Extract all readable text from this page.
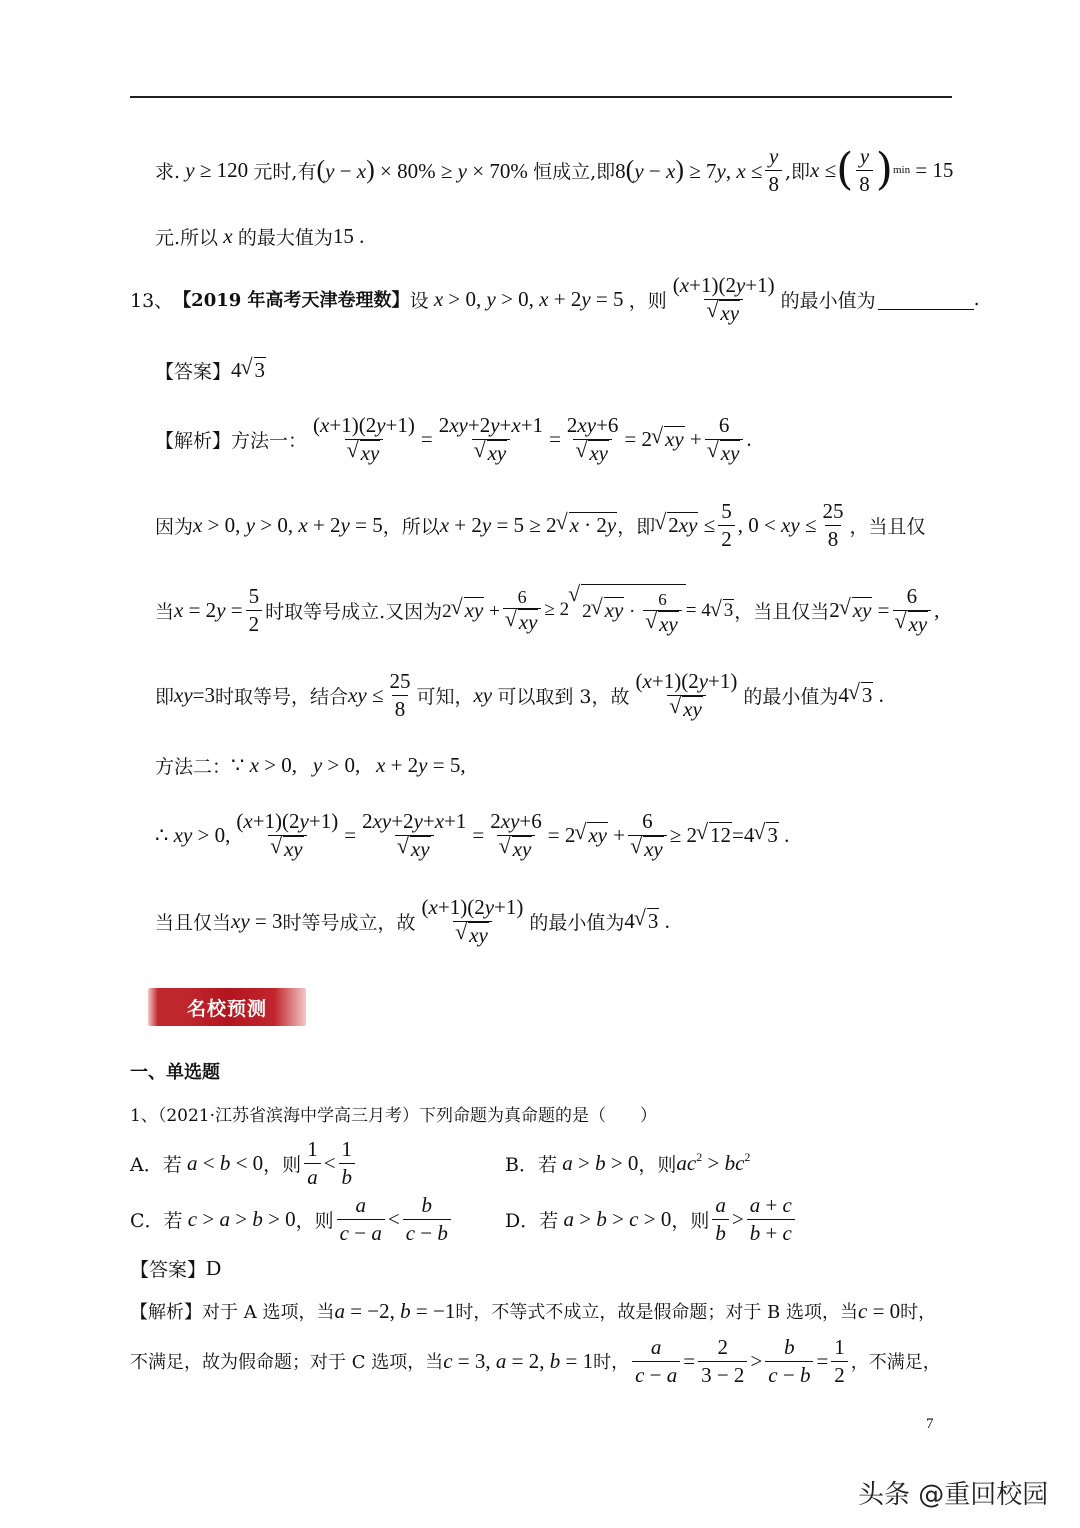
求. y ≥ 120 元时,有 (y − x) × 80% ≥ y × 70% 恒成立,即 8(y − x) ≥ 7y, $x \le \frac{y}{8}$ ,即 x ≤ ( $\frac{y}{8}$ ) min = 15
元.所以 x 的最大值为 15 .
13、 【2019 年高考天津卷理数】 设 x > 0, y > 0, x + 2y = 5 ，则 (x+1)(2y+1)
√ xy 的最小值为	.
【答案】 4 √ 3
【解析】 方法一： (x+1)(2y+1)
√ xy = 2xy+2y+x+1
√ xy = 2xy+6
√ xy = 2 √ xy + 6
√ xy .
因为 x > 0, y > 0, x + 2y = 5 ，所以 x + 2y = 5 ≥ 2 √ x · 2y ，即 √ $2xy \le \frac{5}{2}$ , 0 < xy ≤ $\frac{25}{8}$ ，当且仅
当 $x = 2y = \frac{5}{2}$ 时取等号成立.又因为 2 √ xy + 6
√ xy ≥ 2 √ 2 √ xy · 6
√ xy = 4 √ 3 ，当且仅当 2 √ xy = 6
√ xy ,
即 xy=3 时取等号，结合 xy ≤ $\frac{25}{8}$ 可知， xy 可以取到 3，故 (x+1)(2y+1)
√ xy 的最小值为 4 √ 3 .
方法二： ∵ x > 0,   y > 0,   x + 2y = 5,
∴ xy > 0, (x+1)(2y+1)
√ xy = 2xy+2y+x+1
√ xy = 2xy+6
√ xy = 2 √ xy + 6
√ xy ≥ 2 √ 12=4 √ 3 .
当且仅当 xy = 3 时等号成立，故 (x+1)(2y+1)
√ xy 的最小值为 4 √ 3 .
名校预测
一、单选题
1、（2021·江苏省滨海中学高三月考）下列命题为真命题的是（　　）
A．若 a < b < 0 ，则 $\frac{1}{a} < \frac{1}{b}$	B．若 a > b > 0 ，则 $ac^2 > bc^2$
C．若 c > a > b > 0 ，则 $\frac{a}{c - a} < \frac{b}{c - b}$	D．若 a > b > c > 0 ，则 $\frac{a}{b} > \frac{a + c}{b + c}$
【答案】 D
【解析】对于 A 选项，当 a = −2, b = −1 时，不等式不成立，故是假命题；对于 B 选项，当 c = 0 时，
不满足，故为假命题；对于 C 选项，当 c = 3, a = 2, b = 1 时， $\frac{a}{c - a} = \frac{2}{3 - 2} > \frac{b}{c - b} = \frac{1}{2}$ ，不满足，
7
头条 @重回校园
